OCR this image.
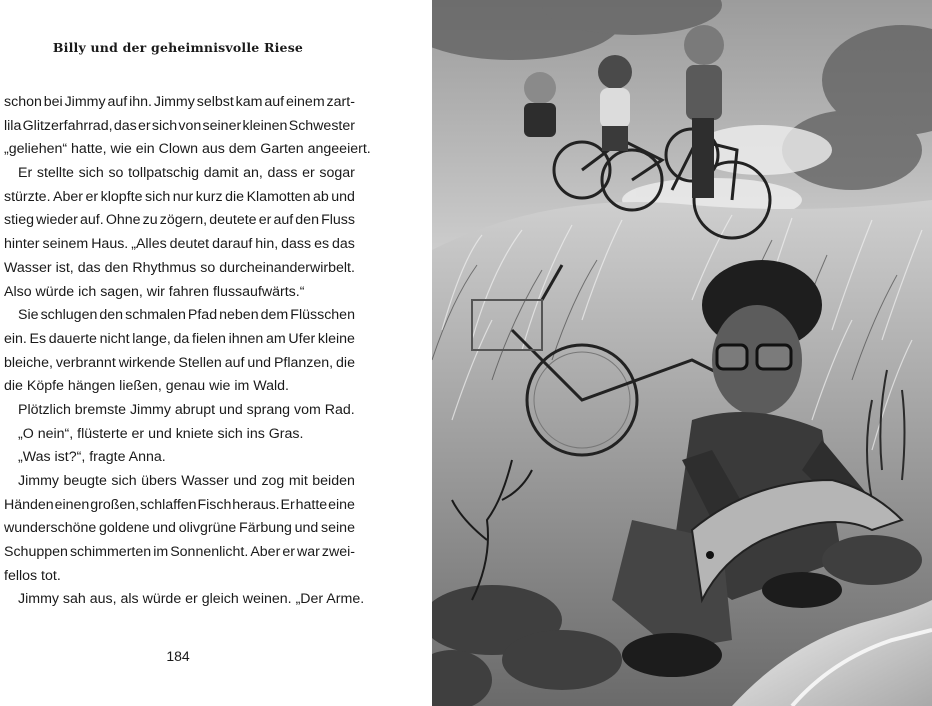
Billy und der geheimnisvolle Riese
schon bei Jimmy auf ihn. Jimmy selbst kam auf einem zart-
lila Glitzerfahrrad, das er sich von seiner kleinen Schwester
„geliehen“ hatte, wie ein Clown aus dem Garten angeeiert.
Er stellte sich so tollpatschig damit an, dass er sogar
stürzte. Aber er klopfte sich nur kurz die Klamotten ab und
stieg wieder auf. Ohne zu zögern, deutete er auf den Fluss
hinter seinem Haus. „Alles deutet darauf hin, dass es das
Wasser ist, das den Rhythmus so durcheinanderwirbelt.
Also würde ich sagen, wir fahren flussaufwärts.“
Sie schlugen den schmalen Pfad neben dem Flüsschen
ein. Es dauerte nicht lange, da fielen ihnen am Ufer kleine
bleiche, verbrannt wirkende Stellen auf und Pflanzen, die
die Köpfe hängen ließen, genau wie im Wald.
Plötzlich bremste Jimmy abrupt und sprang vom Rad.
„O nein“, flüsterte er und kniete sich ins Gras.
„Was ist?“, fragte Anna.
Jimmy beugte sich übers Wasser und zog mit beiden
Händen einen großen, schlaffen Fisch heraus. Er hatte eine
wunderschöne goldene und olivgrüne Färbung und seine
Schuppen schimmerten im Sonnenlicht. Aber er war zwei-
fellos tot.
Jimmy sah aus, als würde er gleich weinen. „Der Arme.
184
